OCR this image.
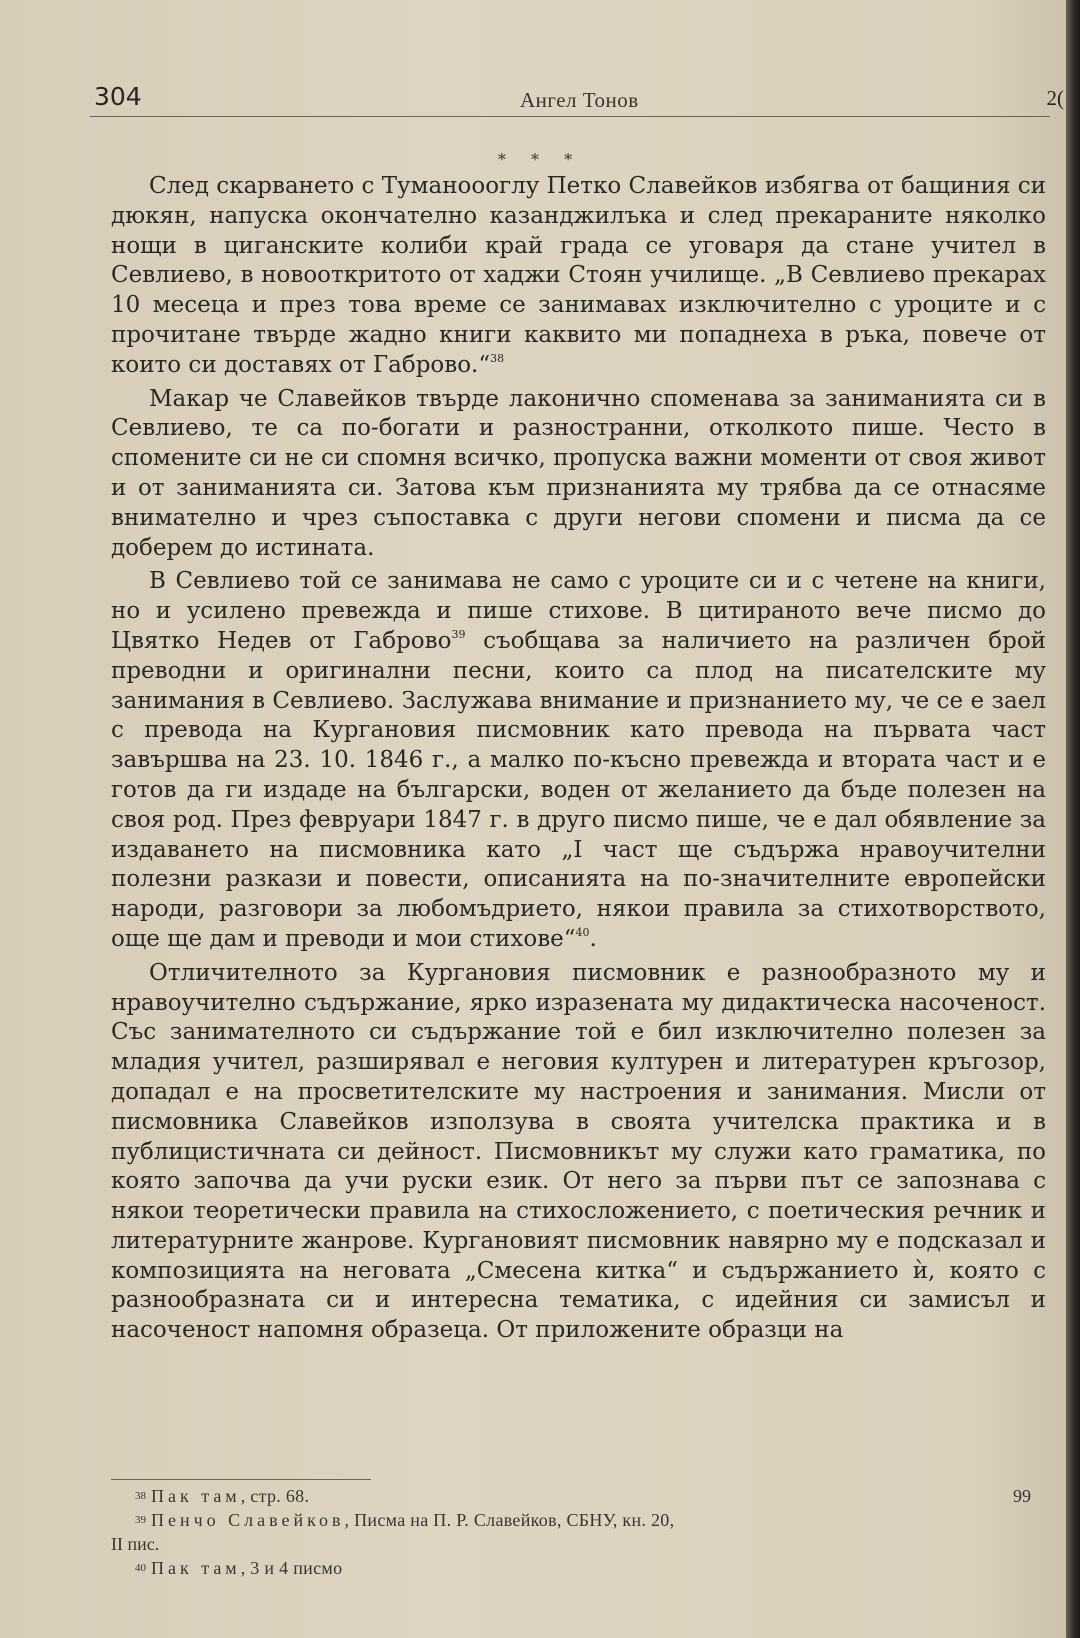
304	Ангел Тонов	2(
* * *

След скарването с Туманоооглу Петко Славейков избягва от бащиния си дюкян, напуска окончателно казанджилъка и след прекараните няколко нощи в циганските колиби край града се уговаря да стане учител в Севлиево, в новооткритото от хаджи Стоян училище. „В Севлиево прекарах 10 месеца и през това време се занимавах изключително с уроците и с прочитане твърде жадно книги каквито ми попаднеха в ръка, повече от които си доставях от Габрово.“$^{38}$

Макар че Славейков твърде лаконично споменава за заниманията си в Севлиево, те са по-богати и разностранни, отколкото пише. Често в спомените си не си спомня всичко, пропуска важни моменти от своя живот и от заниманията си. Затова към признанията му трябва да се отнасяме внимателно и чрез съпоставка с други негови спомени и писма да се доберем до истината.

В Севлиево той се занимава не само с уроците си и с четене на книги, но и усилено превежда и пише стихове. В цитираното вече писмо до Цвятко Недев от Габрово$^{39}$ съобщава за наличието на различен брой преводни и оригинални песни, които са плод на писателските му занимания в Севлиево. Заслужава внимание и признанието му, че се е заел с превода на Кургановия писмовник като превода на първата част завършва на 23. 10. 1846 г., а малко по-късно превежда и втората част и е готов да ги издаде на български, воден от желанието да бъде полезен на своя род. През февруари 1847 г. в друго писмо пише, че е дал обявление за издаването на писмовника като „I част ще съдържа нравоучителни полезни разкази и повести, описанията на по-значителните европейски народи, разговори за любомъдрието, някои правила за стихотворството, още ще дам и преводи и мои стихове“$^{40}$.

Отличителното за Кургановия писмовник е разнообразното му и нравоучително съдържание, ярко изразената му дидактическа насоченост. Със занимателното си съдържание той е бил изключително полезен за младия учител, разширявал е неговия културен и литературен кръгозор, допадал е на просветителските му настроения и занимания. Мисли от писмовника Славейков използува в своята учителска практика и в публицистичната си дейност. Писмовникът му служи като граматика, по която започва да учи руски език. От него за първи път се запознава с някои теоретически правила на стихосложението, с поетическия речник и литературните жанрове. Кургановият писмовник навярно му е подсказал и композицията на неговата „Смесена китка“ и съдържанието ѝ, която с разнообразната си и интересна тематика, с идейния си замисъл и насоченост напомня образеца. От приложените образци на

$^{38}$ Пак там, стр. 68.	99
$^{39}$ Пенчо Славейков, Писма на П. Р. Славейков, СБНУ, кн. 20,
II пис.
$^{40}$ Пак там, 3 и 4 писмо
